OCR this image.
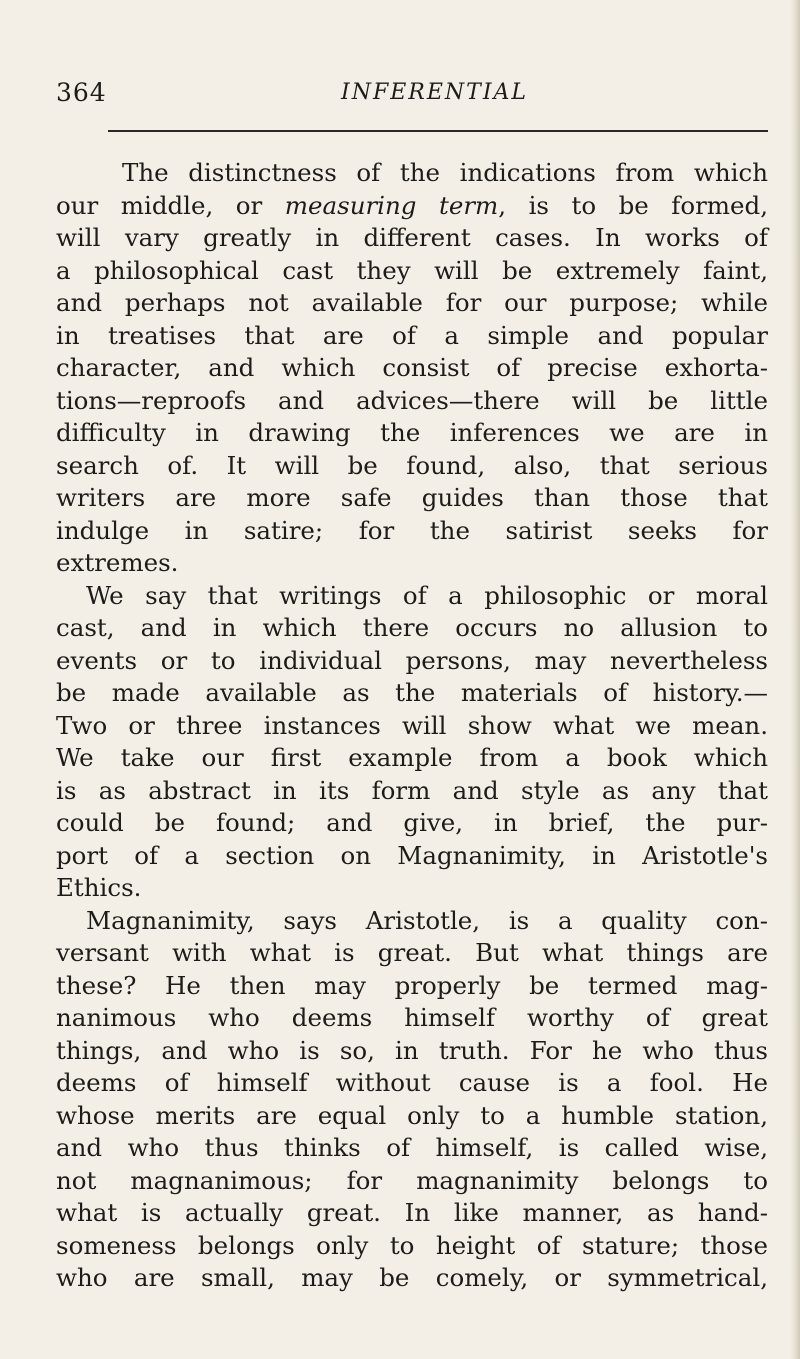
364	INFERENTIAL
The distinctness of the indications from which
our middle, or measuring term, is to be formed,
will vary greatly in different cases. In works of
a philosophical cast they will be extremely faint,
and perhaps not available for our purpose; while
in treatises that are of a simple and popular
character, and which consist of precise exhorta-
tions—reproofs and advices—there will be little
difficulty in drawing the inferences we are in
search of. It will be found, also, that serious
writers are more safe guides than those that
indulge in satire; for the satirist seeks for
extremes.
We say that writings of a philosophic or moral
cast, and in which there occurs no allusion to
events or to individual persons, may nevertheless
be made available as the materials of history.—
Two or three instances will show what we mean.
We take our first example from a book which
is as abstract in its form and style as any that
could be found; and give, in brief, the pur-
port of a section on Magnanimity, in Aristotle's
Ethics.
Magnanimity, says Aristotle, is a quality con-
versant with what is great. But what things are
these? He then may properly be termed mag-
nanimous who deems himself worthy of great
things, and who is so, in truth. For he who thus
deems of himself without cause is a fool. He
whose merits are equal only to a humble station,
and who thus thinks of himself, is called wise,
not magnanimous; for magnanimity belongs to
what is actually great. In like manner, as hand-
someness belongs only to height of stature; those
who are small, may be comely, or symmetrical,
